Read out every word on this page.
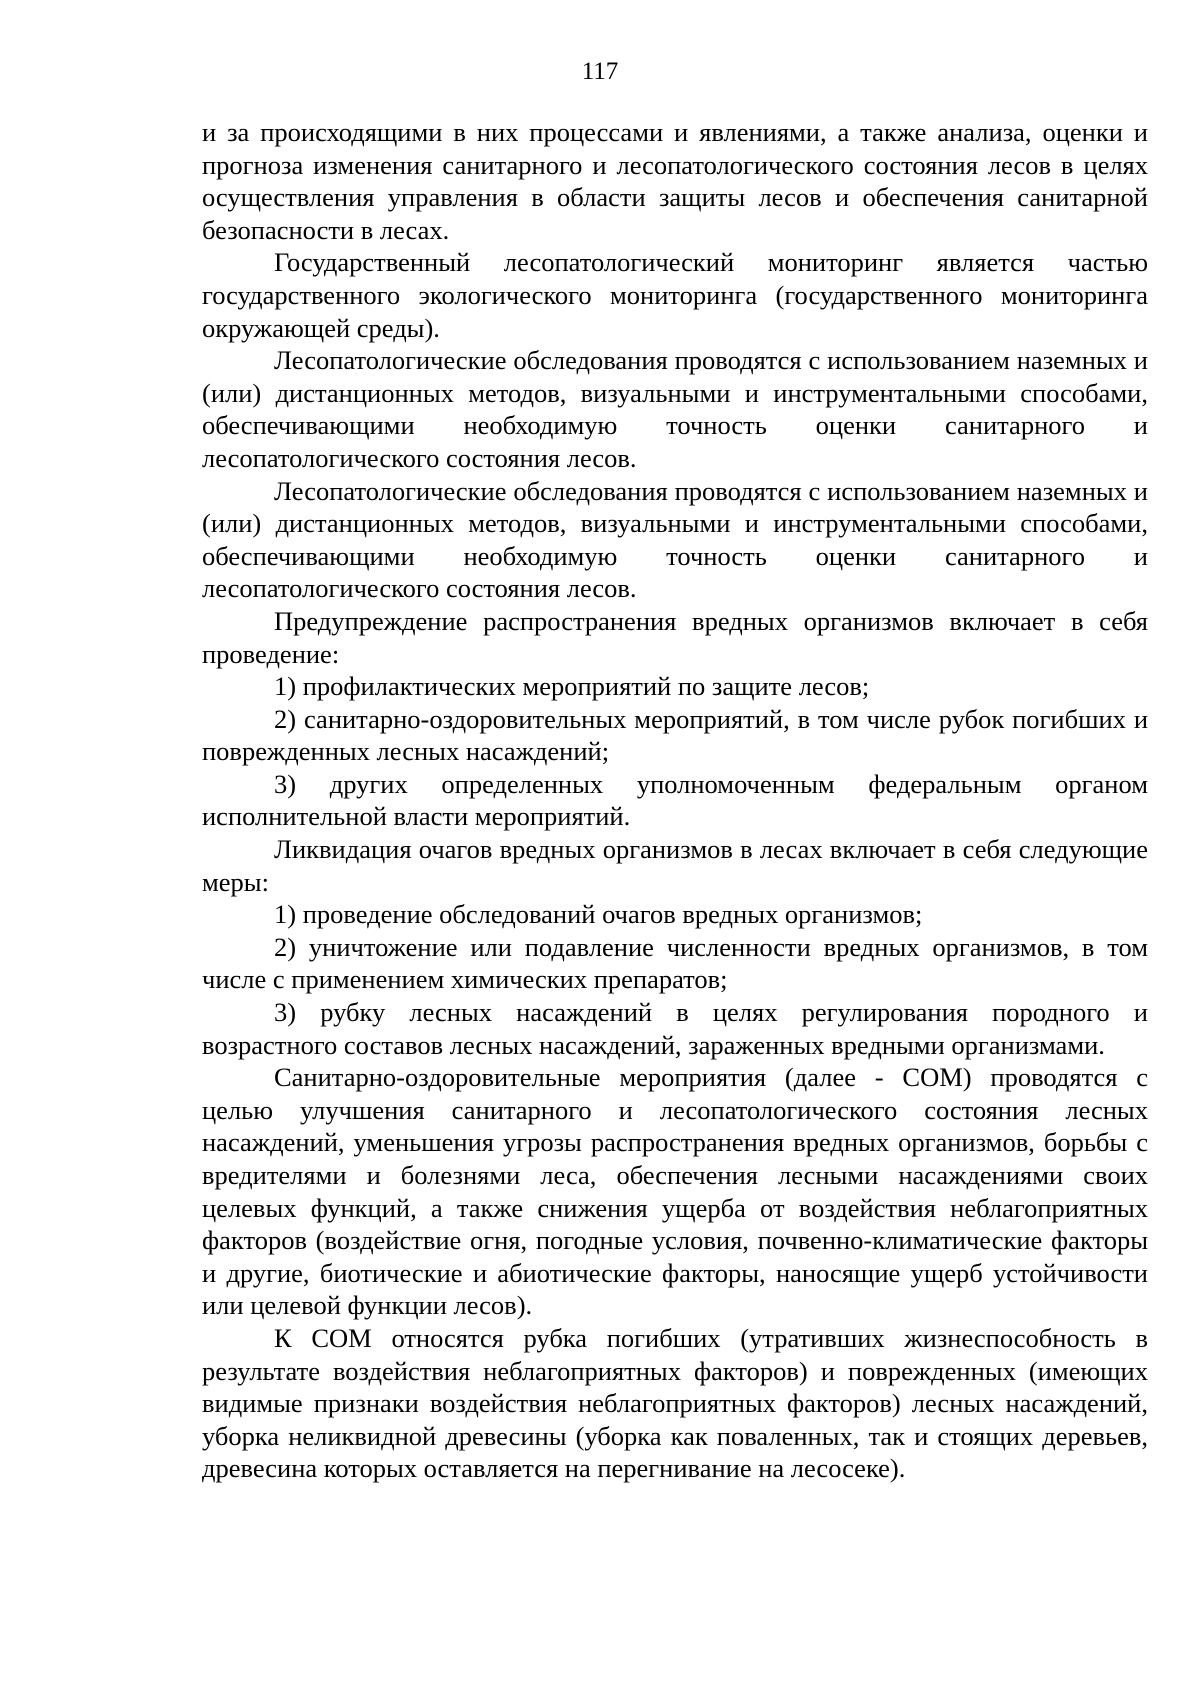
117

и за происходящими в них процессами и явлениями, а также анализа, оценки и прогноза изменения санитарного и лесопатологического состояния лесов в целях осуществления управления в области защиты лесов и обеспечения санитарной безопасности в лесах.

Государственный лесопатологический мониторинг является частью государственного экологического мониторинга (государственного мониторинга окружающей среды).

Лесопатологические обследования проводятся с использованием наземных и (или) дистанционных методов, визуальными и инструментальными способами, обеспечивающими необходимую точность оценки санитарного и лесопатологического состояния лесов.

Лесопатологические обследования проводятся с использованием наземных и (или) дистанционных методов, визуальными и инструментальными способами, обеспечивающими необходимую точность оценки санитарного и лесопатологического состояния лесов.

Предупреждение распространения вредных организмов включает в себя проведение:

1) профилактических мероприятий по защите лесов;

2) санитарно-оздоровительных мероприятий, в том числе рубок погибших и поврежденных лесных насаждений;

3) других определенных уполномоченным федеральным органом исполнительной власти мероприятий.

Ликвидация очагов вредных организмов в лесах включает в себя следующие меры:

1) проведение обследований очагов вредных организмов;

2) уничтожение или подавление численности вредных организмов, в том числе с применением химических препаратов;

3) рубку лесных насаждений в целях регулирования породного и возрастного составов лесных насаждений, зараженных вредными организмами.

Санитарно-оздоровительные мероприятия (далее - СОМ) проводятся с целью улучшения санитарного и лесопатологического состояния лесных насаждений, уменьшения угрозы распространения вредных организмов, борьбы с вредителями и болезнями леса, обеспечения лесными насаждениями своих целевых функций, а также снижения ущерба от воздействия неблагоприятных факторов (воздействие огня, погодные условия, почвенно-климатические факторы и другие, биотические и абиотические факторы, наносящие ущерб устойчивости или целевой функции лесов).

К СОМ относятся рубка погибших (утративших жизнеспособность в результате воздействия неблагоприятных факторов) и поврежденных (имеющих видимые признаки воздействия неблагоприятных факторов) лесных насаждений, уборка неликвидной древесины (уборка как поваленных, так и стоящих деревьев, древесина которых оставляется на перегнивание на лесосеке).
